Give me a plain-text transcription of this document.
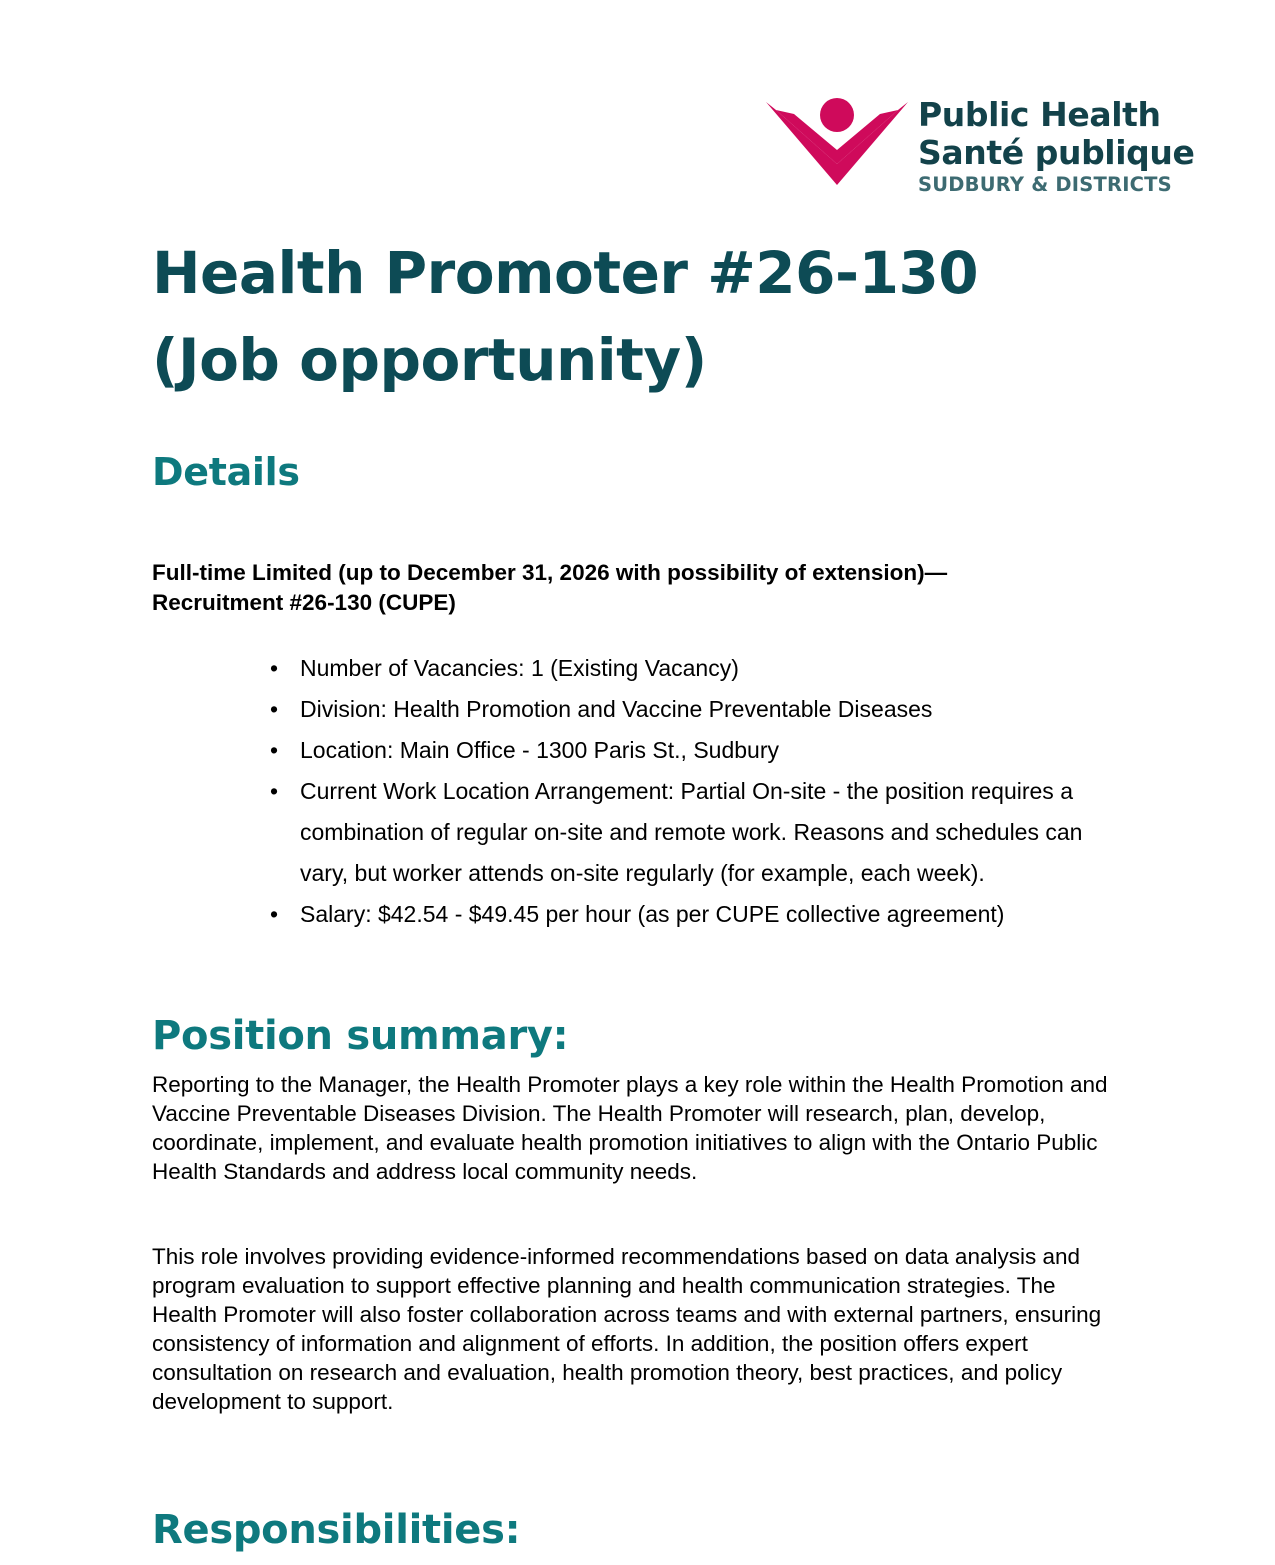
Public Health
Santé publique
SUDBURY & DISTRICTS
Health Promoter #26-130 (Job opportunity)
Details

Full-time Limited (up to December 31, 2026 with possibility of extension)—Recruitment #26-130 (CUPE)

• Number of Vacancies: 1 (Existing Vacancy)
• Division: Health Promotion and Vaccine Preventable Diseases
• Location: Main Office - 1300 Paris St., Sudbury
• Current Work Location Arrangement: Partial On-site - the position requires a combination of regular on-site and remote work. Reasons and schedules can vary, but worker attends on-site regularly (for example, each week).
• Salary: $42.54 - $49.45 per hour (as per CUPE collective agreement)
Position summary:

Reporting to the Manager, the Health Promoter plays a key role within the Health Promotion and Vaccine Preventable Diseases Division. The Health Promoter will research, plan, develop, coordinate, implement, and evaluate health promotion initiatives to align with the Ontario Public Health Standards and address local community needs.

This role involves providing evidence-informed recommendations based on data analysis and program evaluation to support effective planning and health communication strategies. The Health Promoter will also foster collaboration across teams and with external partners, ensuring consistency of information and alignment of efforts. In addition, the position offers expert consultation on research and evaluation, health promotion theory, best practices, and policy development to support.

Responsibilities:
